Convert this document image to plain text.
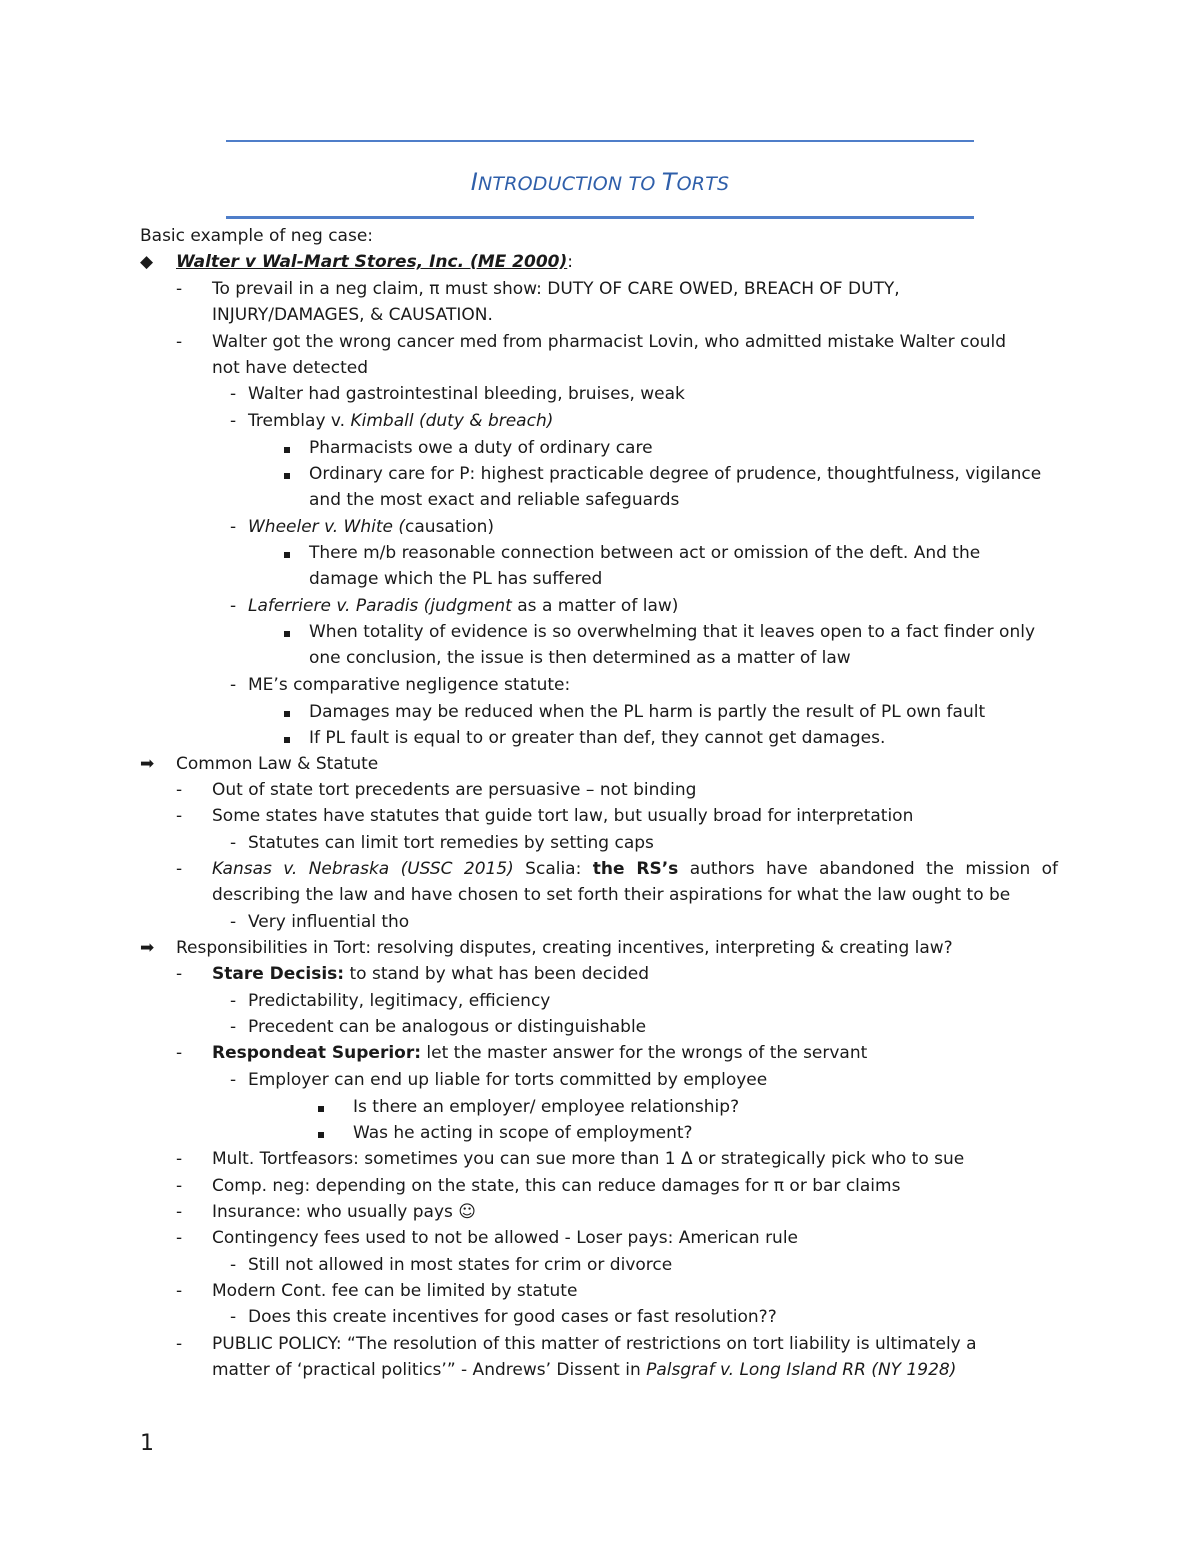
INTRODUCTION TO TORTS
Basic example of neg case:
◆ Walter v Wal-Mart Stores, Inc. (ME 2000):
- To prevail in a neg claim, π must show: DUTY OF CARE OWED, BREACH OF DUTY,
INJURY/DAMAGES, & CAUSATION.
- Walter got the wrong cancer med from pharmacist Lovin, who admitted mistake Walter could
not have detected
- Walter had gastrointestinal bleeding, bruises, weak
- Tremblay v. Kimball (duty & breach)
Pharmacists owe a duty of ordinary care
Ordinary care for P: highest practicable degree of prudence, thoughtfulness, vigilance
and the most exact and reliable safeguards
- Wheeler v. White (causation)
There m/b reasonable connection between act or omission of the deft. And the
damage which the PL has suffered
- Laferriere v. Paradis (judgment as a matter of law)
When totality of evidence is so overwhelming that it leaves open to a fact finder only
one conclusion, the issue is then determined as a matter of law
- ME’s comparative negligence statute:
Damages may be reduced when the PL harm is partly the result of PL own fault
If PL fault is equal to or greater than def, they cannot get damages.
➡ Common Law & Statute
- Out of state tort precedents are persuasive – not binding
- Some states have statutes that guide tort law, but usually broad for interpretation
- Statutes can limit tort remedies by setting caps
- Kansas v. Nebraska (USSC 2015) Scalia: the RS’s authors have abandoned the mission of
describing the law and have chosen to set forth their aspirations for what the law ought to be
- Very influential tho
➡ Responsibilities in Tort: resolving disputes, creating incentives, interpreting & creating law?
- Stare Decisis: to stand by what has been decided
- Predictability, legitimacy, efficiency
- Precedent can be analogous or distinguishable
- Respondeat Superior: let the master answer for the wrongs of the servant
- Employer can end up liable for torts committed by employee
Is there an employer/ employee relationship?
Was he acting in scope of employment?
- Mult. Tortfeasors: sometimes you can sue more than 1 Δ or strategically pick who to sue
- Comp. neg: depending on the state, this can reduce damages for π or bar claims
- Insurance: who usually pays ☺
- Contingency fees used to not be allowed - Loser pays: American rule
- Still not allowed in most states for crim or divorce
- Modern Cont. fee can be limited by statute
- Does this create incentives for good cases or fast resolution??
- PUBLIC POLICY: “The resolution of this matter of restrictions on tort liability is ultimately a
matter of ‘practical politics’” - Andrews’ Dissent in Palsgraf v. Long Island RR (NY 1928)
1
